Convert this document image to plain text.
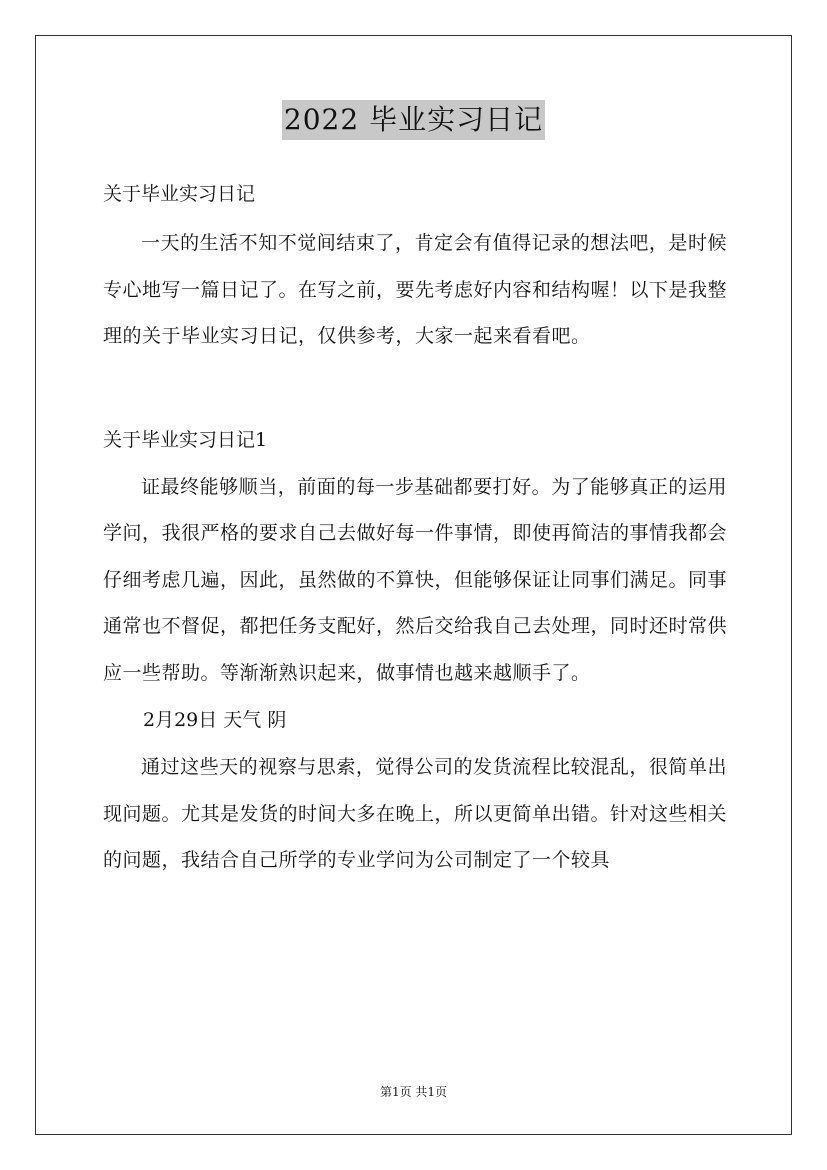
2022 毕业实习日记

关于毕业实习日记

一天的生活不知不觉间结束了，肯定会有值得记录的想法吧，是时候专心地写一篇日记了。在写之前，要先考虑好内容和结构喔！以下是我整理的关于毕业实习日记，仅供参考，大家一起来看看吧。

关于毕业实习日记1

证最终能够顺当，前面的每一步基础都要打好。为了能够真正的运用学问，我很严格的要求自己去做好每一件事情，即使再简洁的事情我都会仔细考虑几遍，因此，虽然做的不算快，但能够保证让同事们满足。同事通常也不督促，都把任务支配好，然后交给我自己去处理，同时还时常供应一些帮助。等渐渐熟识起来，做事情也越来越顺手了。

2月29日 天气 阴

通过这些天的视察与思索，觉得公司的发货流程比较混乱，很简单出现问题。尤其是发货的时间大多在晚上，所以更简单出错。针对这些相关的问题，我结合自己所学的专业学问为公司制定了一个较具

第1页 共1页
